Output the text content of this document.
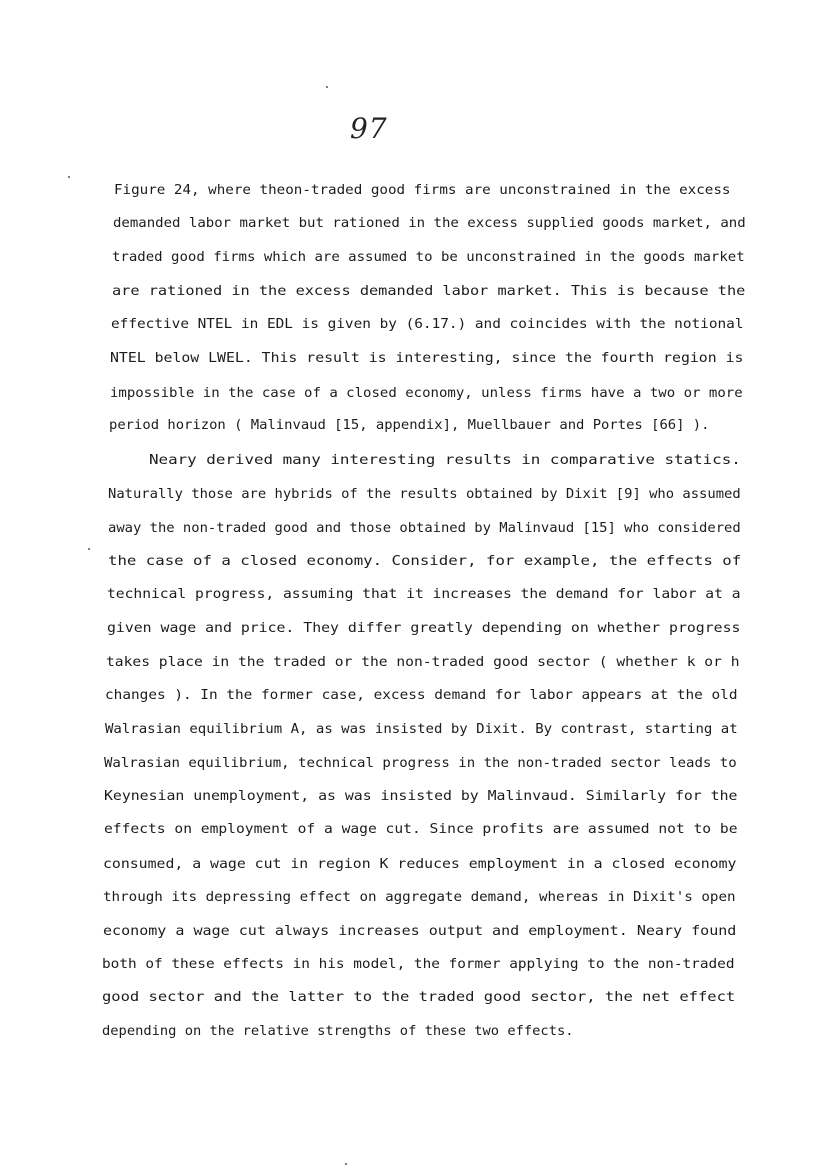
97
Figure 24, where theon-traded good firms are unconstrained in the excess
demanded labor market but rationed in the excess supplied goods market, and
traded good firms which are assumed to be unconstrained in the goods market
are rationed in the excess demanded labor market. This is because the
effective NTEL in EDL is given by (6.17.) and coincides with the notional
NTEL below LWEL. This result is interesting, since the fourth region is
impossible in the case of a closed economy, unless firms have a two or more
period horizon ( Malinvaud [15, appendix], Muellbauer and Portes [66] ).
Neary derived many interesting results in comparative statics.
Naturally those are hybrids of the results obtained by Dixit [9] who assumed
away the non-traded good and those obtained by Malinvaud [15] who considered
the case of a closed economy. Consider, for example, the effects of
technical progress, assuming that it increases the demand for labor at a
given wage and price. They differ greatly depending on whether progress
takes place in the traded or the non-traded good sector ( whether k or h
changes ). In the former case, excess demand for labor appears at the old
Walrasian equilibrium A, as was insisted by Dixit. By contrast, starting at
Walrasian equilibrium, technical progress in the non-traded sector leads to
Keynesian unemployment, as was insisted by Malinvaud. Similarly for the
effects on employment of a wage cut. Since profits are assumed not to be
consumed, a wage cut in region K reduces employment in a closed economy
through its depressing effect on aggregate demand, whereas in Dixit's open
economy a wage cut always increases output and employment. Neary found
both of these effects in his model, the former applying to the non-traded
good sector and the latter to the traded good sector, the net effect
depending on the relative strengths of these two effects.
